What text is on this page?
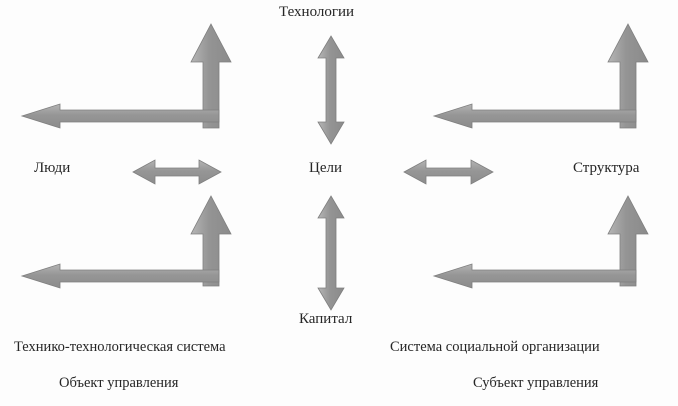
Технологии
Люди	Цели	Структура
Капитал
Технико-технологическая система	Система социальной организации
Объект управления	Субъект управления
